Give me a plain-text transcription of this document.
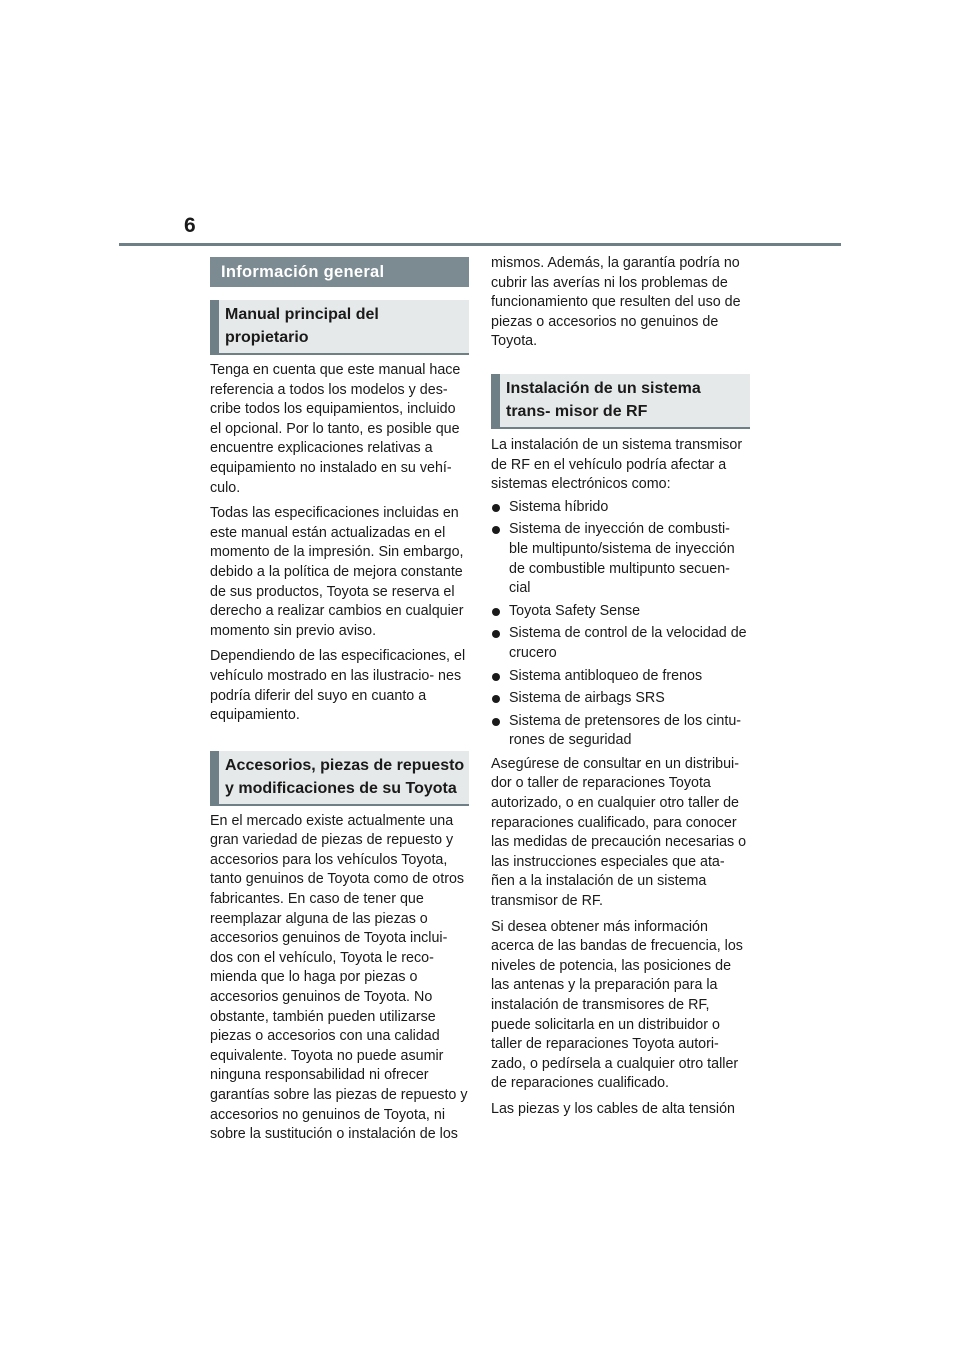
6
Información general
Manual principal del propietario

Tenga en cuenta que este manual hace referencia a todos los modelos y des- cribe todos los equipamientos, incluido el opcional. Por lo tanto, es posible que encuentre explicaciones relativas a equipamiento no instalado en su vehí- culo.

Todas las especificaciones incluidas en este manual están actualizadas en el momento de la impresión. Sin embargo, debido a la política de mejora constante de sus productos, Toyota se reserva el derecho a realizar cambios en cualquier momento sin previo aviso.

Dependiendo de las especificaciones, el vehículo mostrado en las ilustracio- nes podría diferir del suyo en cuanto a equipamiento.

Accesorios, piezas de repuesto y modificaciones de su Toyota

En el mercado existe actualmente una gran variedad de piezas de repuesto y accesorios para los vehículos Toyota, tanto genuinos de Toyota como de otros fabricantes. En caso de tener que reemplazar alguna de las piezas o accesorios genuinos de Toyota inclui- dos con el vehículo, Toyota le reco- mienda que lo haga por piezas o accesorios genuinos de Toyota. No obstante, también pueden utilizarse piezas o accesorios con una calidad equivalente. Toyota no puede asumir ninguna responsabilidad ni ofrecer garantías sobre las piezas de repuesto y accesorios no genuinos de Toyota, ni sobre la sustitución o instalación de los

mismos. Además, la garantía podría no cubrir las averías ni los problemas de funcionamiento que resulten del uso de piezas o accesorios no genuinos de Toyota.

Instalación de un sistema trans- misor de RF

La instalación de un sistema transmisor de RF en el vehículo podría afectar a sistemas electrónicos como:

Sistema híbrido
Sistema de inyección de combusti- ble multipunto/sistema de inyección de combustible multipunto secuen- cial
Toyota Safety Sense
Sistema de control de la velocidad de crucero
Sistema antibloqueo de frenos
Sistema de airbags SRS
Sistema de pretensores de los cintu- rones de seguridad

Asegúrese de consultar en un distribui- dor o taller de reparaciones Toyota autorizado, o en cualquier otro taller de reparaciones cualificado, para conocer las medidas de precaución necesarias o las instrucciones especiales que ata- ñen a la instalación de un sistema transmisor de RF.

Si desea obtener más información acerca de las bandas de frecuencia, los niveles de potencia, las posiciones de las antenas y la preparación para la instalación de transmisores de RF, puede solicitarla en un distribuidor o taller de reparaciones Toyota autori- zado, o pedírsela a cualquier otro taller de reparaciones cualificado.

Las piezas y los cables de alta tensión
